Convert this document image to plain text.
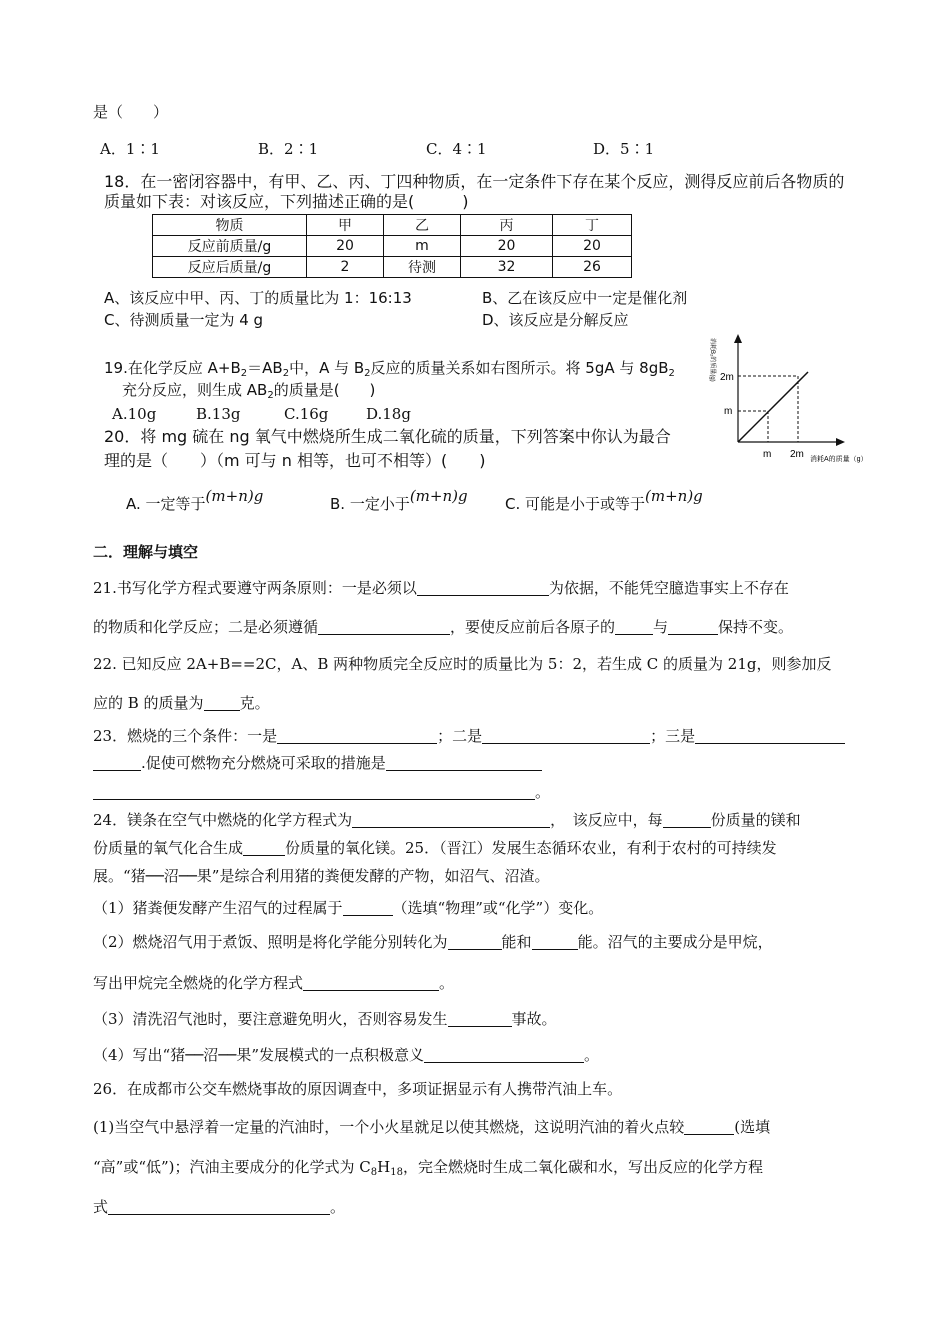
是（　　）
A．1∶1	B．2∶1	C．4∶1	D．5∶1
18．在一密闭容器中，有甲、乙、丙、丁四种物质，在一定条件下存在某个反应，测得反应前后各物质的
质量如下表：对该反应，下列描述正确的是(　　　)
物质	甲	乙	丙	丁
反应前质量/g	20	m	20	20
反应后质量/g	2	待测	32	26
A、该反应中甲、丙、丁的质量比为 1：16:13	B、乙在该反应中一定是催化剂
C、待测质量一定为 4 g	D、该反应是分解反应
19.在化学反应 $A+B_2=AB_2$中，A 与 $B_2$反应的质量关系如右图所示。将 5gA 与 $8gB_2$
充分反应，则生成 $AB_2$的质量是(　　)
A.10g	B.13g	C.16g	D.18g
2m
m
m 2m 消耗A的质量（g）
消耗B₂的质量(g)
20．将 mg 硫在 ng 氧气中燃烧所生成二氧化硫的质量，下列答案中你认为最合
理的是（　　）（m 可与 n 相等，也可不相等）(　　)
A. 一定等于(m+n)g	B. 一定小于(m+n)g C. 可能是小于或等于(m+n)g
二．理解与填空
21.书写化学方程式要遵守两条原则：一是必须以	为依据，不能凭空臆造事实上不存在
的物质和化学反应；二是必须遵循	，要使反应前后各原子的	与	保持不变。
22. 已知反应 2A+B==2C，A、B 两种物质完全反应时的质量比为 5：2，若生成 C 的质量为 21g，则参加反
应的 B 的质量为 克。
23．燃烧的三个条件：一是	；二是	；三是
.促使可燃物充分燃烧可采取的措施是
。
24．镁条在空气中燃烧的化学方程式为	，　该反应中，每	份质量的镁和
份质量的氧气化合生成	份质量的氧化镁。25．（晋江）发展生态循环农业，有利于农村的可持续发
展。“猪──沼──果”是综合利用猪的粪便发酵的产物，如沼气、沼渣。
（1）猪粪便发酵产生沼气的过程属于	（选填“物理”或“化学”）变化。
（2）燃烧沼气用于煮饭、照明是将化学能分别转化为	能和	能。沼气的主要成分是甲烷，
写出甲烷完全燃烧的化学方程式	。
（3）清洗沼气池时，要注意避免明火，否则容易发生	事故。
（4）写出“猪──沼──果”发展模式的一点积极意义	。
26．在成都市公交车燃烧事故的原因调查中，多项证据显示有人携带汽油上车。
(1)当空气中悬浮着一定量的汽油时，一个小火星就足以使其燃烧，这说明汽油的着火点较	(选填
“高”或“低”)；汽油主要成分的化学式为 $C_8H_{18}$，完全燃烧时生成二氧化碳和水，写出反应的化学方程
式	。
